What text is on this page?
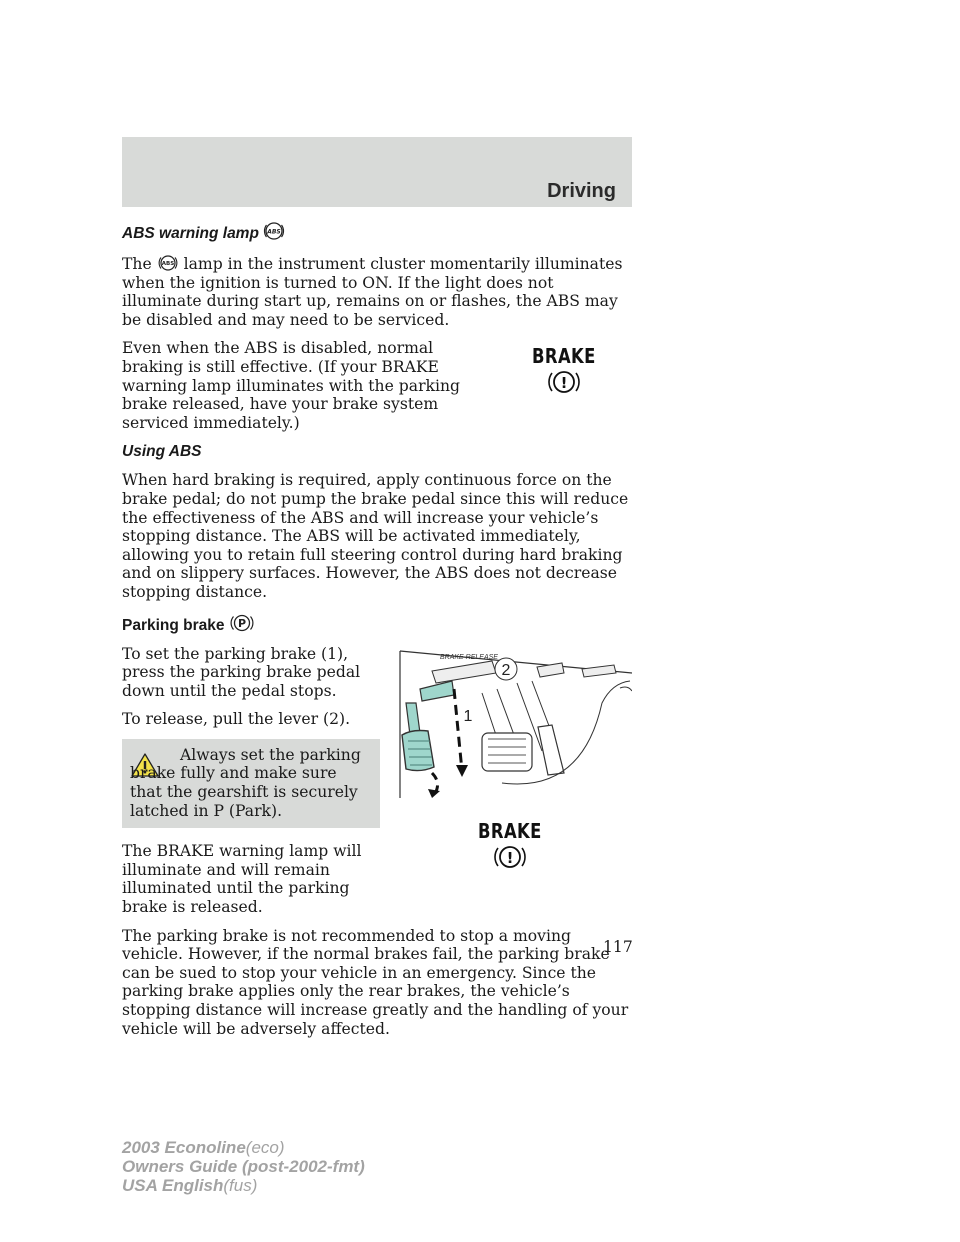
Driving
ABS warning lamp ABS

The ABS lamp in the instrument cluster momentarily illuminates when the ignition is turned to ON. If the light does not illuminate during start up, remains on or flashes, the ABS may be disabled and may need to be serviced.

BRAKE
!

Even when the ABS is disabled, normal braking is still effective. (If your BRAKE warning lamp illuminates with the parking brake released, have your brake system serviced immediately.)

Using ABS

When hard braking is required, apply continuous force on the brake pedal; do not pump the brake pedal since this will reduce the effectiveness of the ABS and will increase your vehicle’s stopping distance. The ABS will be activated immediately, allowing you to retain full steering control during hard braking and on slippery surfaces. However, the ABS does not decrease stopping distance.

Parking brake P

To set the parking brake (1), press the parking brake pedal down until the pedal stops.

To release, pull the lever (2).

Always set the parking brake fully and make sure that the gearshift is securely latched in P (Park).

The BRAKE warning lamp will illuminate and will remain illuminated until the parking brake is released.

BRAKE RELEASE
2
1
BRAKE
!

The parking brake is not recommended to stop a moving vehicle. However, if the normal brakes fail, the parking brake can be sued to stop your vehicle in an emergency. Since the parking brake applies only the rear brakes, the vehicle’s stopping distance will increase greatly and the handling of your vehicle will be adversely affected.

117
2003 Econoline(eco)
Owners Guide (post-2002-fmt)
USA English(fus)
